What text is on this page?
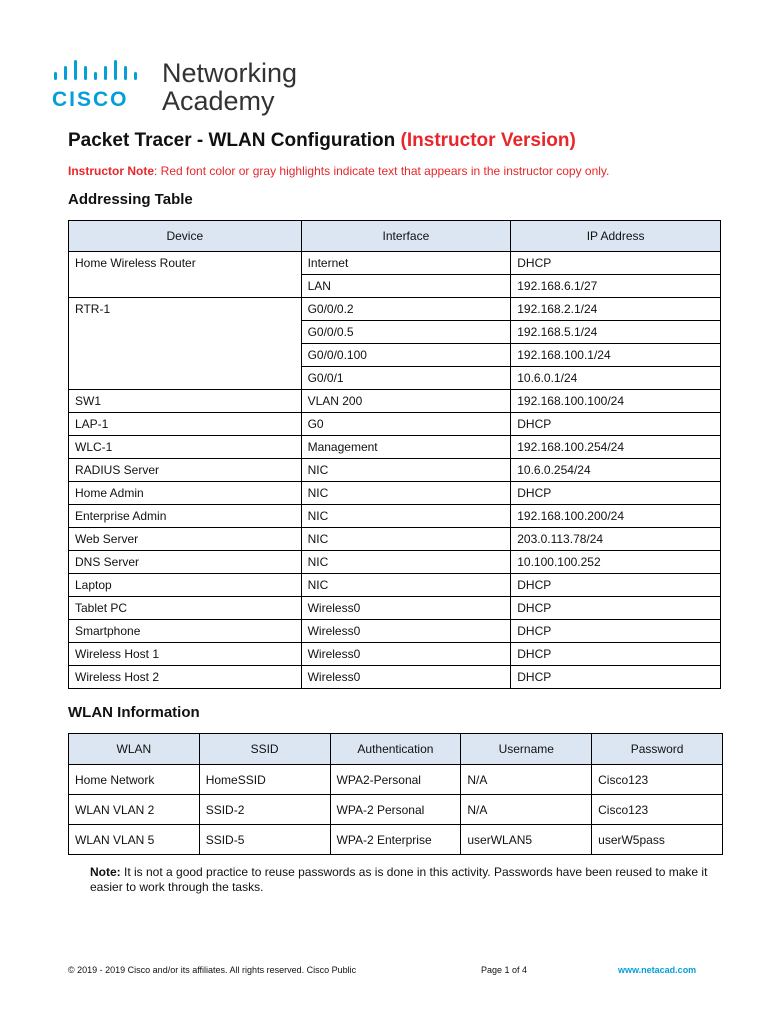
CISCO
Networking
Academy
Packet Tracer - WLAN Configuration (Instructor Version)
Instructor Note: Red font color or gray highlights indicate text that appears in the instructor copy only.
Addressing Table
Device	Interface	IP Address
Home Wireless Router	Internet	DHCP
	LAN	192.168.6.1/27
RTR-1	G0/0/0.2	192.168.2.1/24
	G0/0/0.5	192.168.5.1/24
	G0/0/0.100	192.168.100.1/24
	G0/0/1	10.6.0.1/24
SW1	VLAN 200	192.168.100.100/24
LAP-1	G0	DHCP
WLC-1	Management	192.168.100.254/24
RADIUS Server	NIC	10.6.0.254/24
Home Admin	NIC	DHCP
Enterprise Admin	NIC	192.168.100.200/24
Web Server	NIC	203.0.113.78/24
DNS Server	NIC	10.100.100.252
Laptop	NIC	DHCP
Tablet PC	Wireless0	DHCP
Smartphone	Wireless0	DHCP
Wireless Host 1	Wireless0	DHCP
Wireless Host 2	Wireless0	DHCP
WLAN Information
WLAN	SSID	Authentication	Username	Password
Home Network	HomeSSID	WPA2-Personal	N/A	Cisco123
WLAN VLAN 2	SSID-2	WPA-2 Personal	N/A	Cisco123
WLAN VLAN 5	SSID-5	WPA-2 Enterprise	userWLAN5	userW5pass
Note: It is not a good practice to reuse passwords as is done in this activity. Passwords have been reused to make it easier to work through the tasks.
© 2019 - 2019 Cisco and/or its affiliates. All rights reserved. Cisco Public	Page 1 of 4	www.netacad.com
